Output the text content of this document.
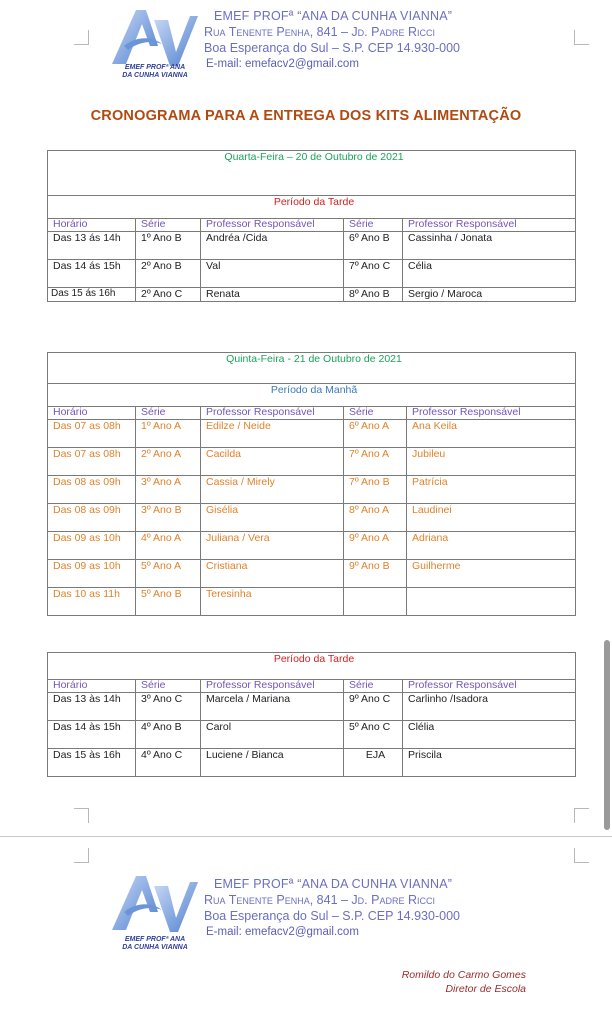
EMEF PROFª ANA
DA CUNHA VIANNA
EMEF PROFª “ANA DA CUNHA VIANNA”
Rua Tenente Penha, 841 – Jd. Padre Ricci
Boa Esperança do Sul – S.P. CEP 14.930-000
E-mail: emefacv2@gmail.com
CRONOGRAMA PARA A ENTREGA DOS KITS ALIMENTAÇÃO
Quarta-Feira – 20 de Outubro de 2021				
Período da Tarde				
Horário	Série	Professor Responsável	Série	Professor Responsável
Das 13 ás 14h	1º Ano B	Andréa /Cida	6º Ano B	Cassinha / Jonata
Das 14 ás 15h	2º Ano B	Val	7º Ano C	Célia
Das 15 ás 16h	2º Ano C	Renata	8º Ano B	Sergio / Maroca
Quinta-Feira - 21 de Outubro de 2021				
Período da Manhã				
Horário	Série	Professor Responsável	Série	Professor Responsável
Das 07 as 08h	1º Ano A	Edilze / Neide	6º Ano A	Ana Keila
Das 07 as 08h	2º Ano A	Cacilda	7º Ano A	Jubileu
Das 08 as 09h	3º Ano A	Cassia / Mirely	7º Ano B	Patrícia
Das 08 as 09h	3º Ano B	Gisélia	8º Ano A	Laudinei
Das 09 as 10h	4º Ano A	Juliana / Vera	9º Ano A	Adriana
Das 09 as 10h	5º Ano A	Cristiana	9º Ano B	Guilherme
Das 10 as 11h	5º Ano B	Teresinha		
Período da Tarde				
Horário	Série	Professor Responsável	Série	Professor Responsável
Das 13 às 14h	3º Ano C	Marcela / Mariana	9º Ano C	Carlinho /Isadora
Das 14 às 15h	4º Ano B	Carol	5º Ano C	Clélia
Das 15 às 16h	4º Ano C	Luciene / Bianca	EJA	Priscila
EMEF PROFª ANA
DA CUNHA VIANNA
EMEF PROFª “ANA DA CUNHA VIANNA”
Rua Tenente Penha, 841 – Jd. Padre Ricci
Boa Esperança do Sul – S.P. CEP 14.930-000
E-mail: emefacv2@gmail.com
Romildo do Carmo Gomes
Diretor de Escola
